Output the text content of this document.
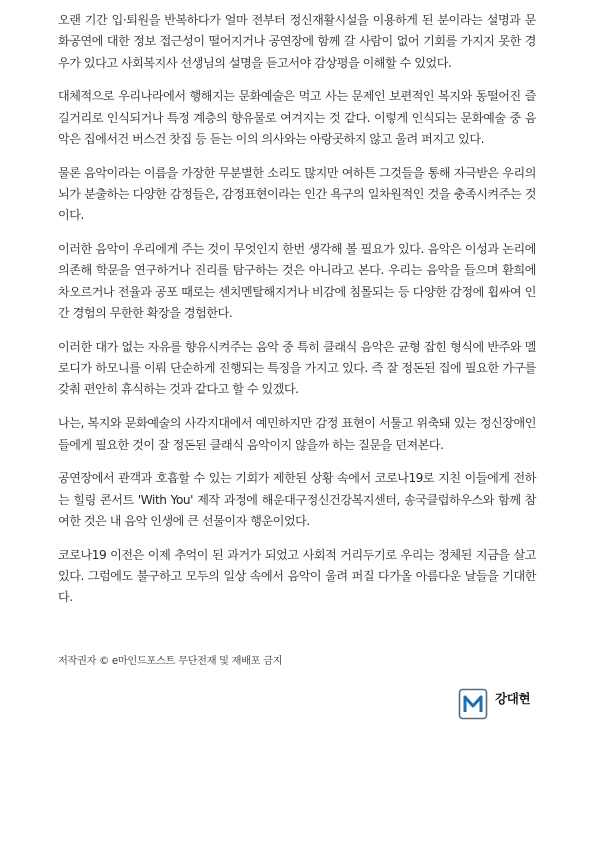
오랜 기간 입·퇴원을 반복하다가 얼마 전부터 정신재활시설을 이용하게 된 분이라는 설명과 문화공연에 대한 정보 접근성이 떨어지거나 공연장에 함께 갈 사람이 없어 기회를 가지지 못한 경우가 있다고 사회복지사 선생님의 설명을 듣고서야 감상평을 이해할 수 있었다.

대체적으로 우리나라에서 행해지는 문화예술은 먹고 사는 문제인 보편적인 복지와 동떨어진 즐길거리로 인식되거나 특정 계층의 향유물로 여겨지는 것 같다. 이렇게 인식되는 문화예술 중 음악은 집에서건 버스건 찻집 등 듣는 이의 의사와는 아랑곳하지 않고 울려 퍼지고 있다.

물론 음악이라는 이름을 가장한 무분별한 소리도 많지만 여하튼 그것들을 통해 자극받은 우리의 뇌가 분출하는 다양한 감정들은, 감정표현이라는 인간 욕구의 일차원적인 것을 충족시켜주는 것이다.

이러한 음악이 우리에게 주는 것이 무엇인지 한번 생각해 볼 필요가 있다. 음악은 이성과 논리에 의존해 학문을 연구하거나 진리를 탐구하는 것은 아니라고 본다. 우리는 음악을 들으며 환희에 차오르거나 전율과 공포 때로는 센치멘탈해지거나 비감에 침몰되는 등 다양한 감정에 휩싸여 인간 경험의 무한한 확장을 경험한다.

이러한 대가 없는 자유를 향유시켜주는 음악 중 특히 클래식 음악은 균형 잡힌 형식에 반주와 멜로디가 하모니를 이뤄 단순하게 진행되는 특징을 가지고 있다. 즉 잘 정돈된 집에 필요한 가구를 갖춰 편안히 휴식하는 것과 같다고 할 수 있겠다.

나는, 복지와 문화예술의 사각지대에서 예민하지만 감정 표현이 서툴고 위축돼 있는 정신장애인들에게 필요한 것이 잘 정돈된 클래식 음악이지 않을까 하는 질문을 던져본다.

공연장에서 관객과 호흡할 수 있는 기회가 제한된 상황 속에서 코로나19로 지친 이들에게 전하는 힐링 콘서트 'With You' 제작 과정에 해운대구정신건강복지센터, 송국클럽하우스와 함께 참여한 것은 내 음악 인생에 큰 선물이자 행운이었다.

코로나19 이전은 이제 추억이 된 과거가 되었고 사회적 거리두기로 우리는 정체된 지금을 살고 있다. 그럼에도 불구하고 모두의 일상 속에서 음악이 울려 퍼질 다가올 아름다운 날들을 기대한다.

저작권자 © e마인드포스트 무단전재 및 재배포 금지

강대현
